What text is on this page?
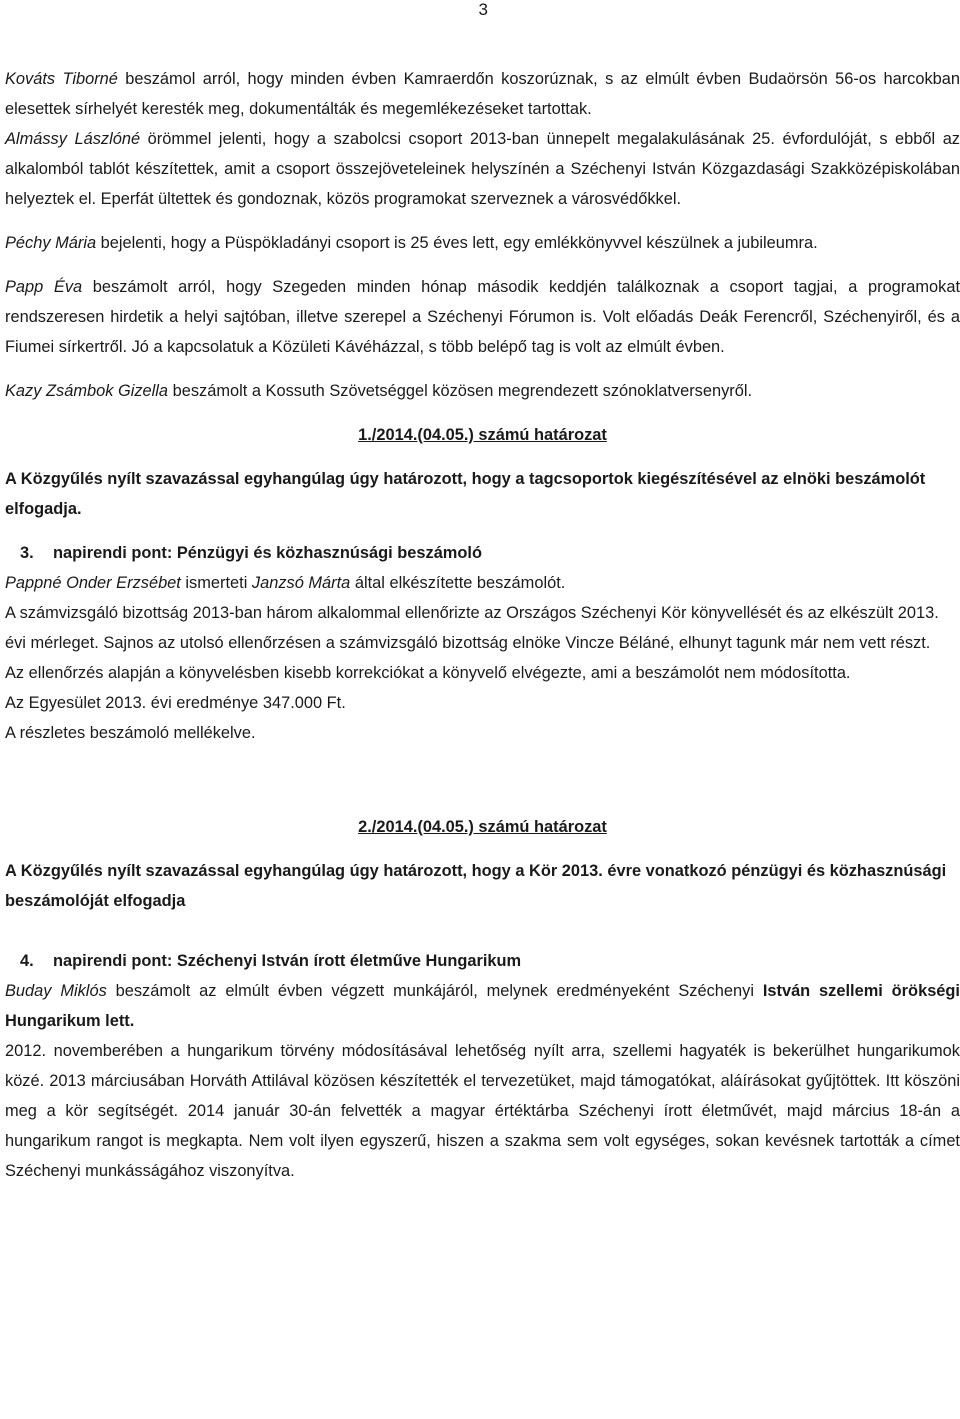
3

Kováts Tiborné beszámol arról, hogy minden évben Kamraerdőn koszorúznak, s az elmúlt évben Budaörsön 56-os harcokban elesettek sírhelyét keresték meg, dokumentálták és megemlékezéseket tartottak.

Almássy Lászlóné örömmel jelenti, hogy a szabolcsi csoport 2013-ban ünnepelt megalakulásának 25. évfordulóját, s ebből az alkalomból tablót készítettek, amit a csoport összejöveteleinek helyszínén a Széchenyi István Közgazdasági Szakközépiskolában helyeztek el. Eperfát ültettek és gondoznak, közös programokat szerveznek a városvédőkkel.

Péchy Mária bejelenti, hogy a Püspökladányi csoport is 25 éves lett, egy emlékkönyvvel készülnek a jubileumra.

Papp Éva beszámolt arról, hogy Szegeden minden hónap második keddjén találkoznak a csoport tagjai, a programokat rendszeresen hirdetik a helyi sajtóban, illetve szerepel a Széchenyi Fórumon is. Volt előadás Deák Ferencről, Széchenyiről, és a Fiumei sírkertről. Jó a kapcsolatuk a Közületi Kávéházzal, s több belépő tag is volt az elmúlt évben.

Kazy Zsámbok Gizella beszámolt a Kossuth Szövetséggel közösen megrendezett szónoklatversenyről.

1./2014.(04.05.) számú határozat

A Közgyűlés nyílt szavazással egyhangúlag úgy határozott, hogy a tagcsoportok kiegészítésével az elnöki beszámolót elfogadja.

3. napirendi pont: Pénzügyi és közhasznúsági beszámoló

Pappné Onder Erzsébet ismerteti Janzsó Márta által elkészítette beszámolót.

A számvizsgáló bizottság 2013-ban három alkalommal ellenőrizte az Országos Széchenyi Kör könyvellését és az elkészült 2013. évi mérleget. Sajnos az utolsó ellenőrzésen a számvizsgáló bizottság elnöke Vincze Béláné, elhunyt tagunk már nem vett részt.

Az ellenőrzés alapján a könyvelésben kisebb korrekciókat a könyvelő elvégezte, ami a beszámolót nem módosította.

Az Egyesület 2013. évi eredménye 347.000 Ft.

A részletes beszámoló mellékelve.

2./2014.(04.05.) számú határozat

A Közgyűlés nyílt szavazással egyhangúlag úgy határozott, hogy a Kör 2013. évre vonatkozó pénzügyi és közhasznúsági beszámolóját elfogadja

4. napirendi pont: Széchenyi István írott életműve Hungarikum

Buday Miklós beszámolt az elmúlt évben végzett munkájáról, melynek eredményeként Széchenyi István szellemi örökségi Hungarikum lett.

2012. novemberében a hungarikum törvény módosításával lehetőség nyílt arra, szellemi hagyaték is bekerülhet hungarikumok közé. 2013 márciusában Horváth Attilával közösen készítették el tervezetüket, majd támogatókat, aláírásokat gyűjtöttek. Itt köszöni meg a kör segítségét. 2014 január 30-án felvették a magyar értéktárba Széchenyi írott életművét, majd március 18-án a hungarikum rangot is megkapta. Nem volt ilyen egyszerű, hiszen a szakma sem volt egységes, sokan kevésnek tartották a címet Széchenyi munkásságához viszonyítva.
